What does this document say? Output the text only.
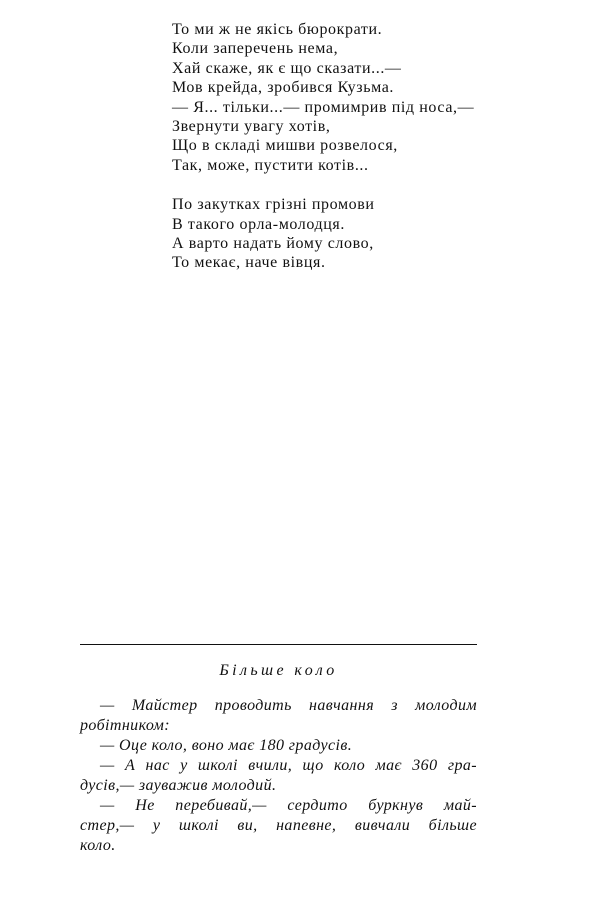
То ми ж не якісь бюрократи.
Коли заперечень нема,
Хай скаже, як є що сказати...—
Мов крейда, зробився Кузьма.
— Я... тільки...— промимрив під носа,—
Звернути увагу хотів,
Що в складі мишви розвелося,
Так, може, пустити котів...
По закутках грізні промови
В такого орла-молодця.
А варто надать йому слово,
То мекає, наче вівця.
Більше коло
— Майстер проводить навчання з молодим
робітником:
— Оце коло, воно має 180 градусів.
— А нас у школі вчили, що коло має 360 гра-
дусів,— зауважив молодий.
— Не перебивай,— сердито буркнув май-
стер,— у школі ви, напевне, вивчали більше
коло.
